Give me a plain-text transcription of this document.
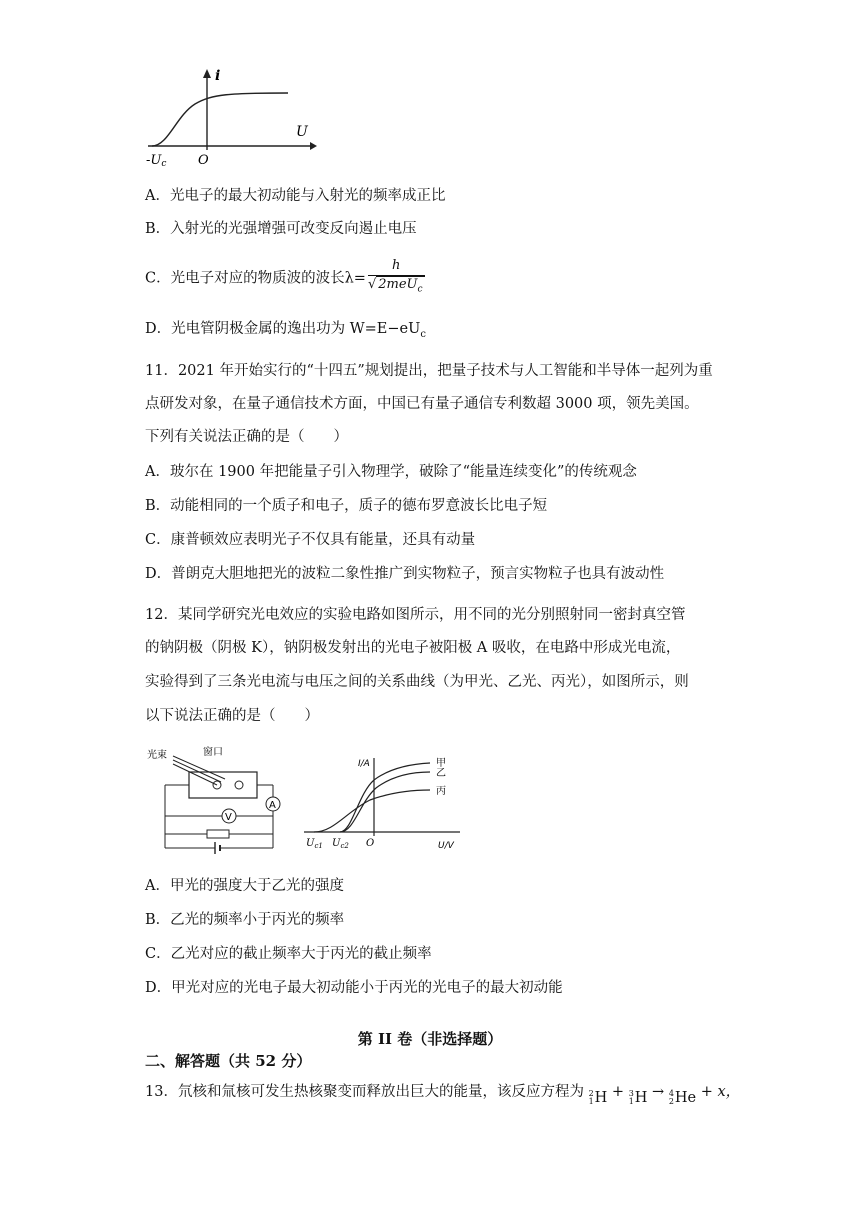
i
U
O
-Uc
A．光电子的最大初动能与入射光的频率成正比
B．入射光的光强增强可改变反向遏止电压
C．光电子对应的物质波的波长$\lambda= \frac{h}{√ 2meU_c}$
D．光电管阴极金属的逸出功为 $W=E-eU_c$
11．2021 年开始实行的“十四五”规划提出，把量子技术与人工智能和半导体一起列为重
点研发对象，在量子通信技术方面，中国已有量子通信专利数超 3000 项，领先美国。
下列有关说法正确的是（　　）
A．玻尔在 1900 年把能量子引入物理学，破除了“能量连续变化”的传统观念
B．动能相同的一个质子和电子，质子的德布罗意波长比电子短
C．康普顿效应表明光子不仅具有能量，还具有动量
D．普朗克大胆地把光的波粒二象性推广到实物粒子，预言实物粒子也具有波动性
12．某同学研究光电效应的实验电路如图所示，用不同的光分别照射同一密封真空管
的钠阴极（阴极 K），钠阴极发射出的光电子被阳极 A 吸收，在电路中形成光电流，
实验得到了三条光电流与电压之间的关系曲线（为甲光、乙光、丙光），如图所示，则
以下说法正确的是（　　）
光束	窗口
A
V
I/A
U/V
O
甲
乙
丙
$U_{c1}$ $U_{c2}$
A．甲光的强度大于乙光的强度
B．乙光的频率小于丙光的频率
C．乙光对应的截止频率大于丙光的截止频率
D．甲光对应的光电子最大初动能小于丙光的光电子的最大初动能
第 II 卷（非选择题）
二、解答题（共 52 分）
13．氘核和氚核可发生热核聚变而释放出巨大的能量，该反应方程为 2
1 H + 3
1 H → 4
2 He + x，
